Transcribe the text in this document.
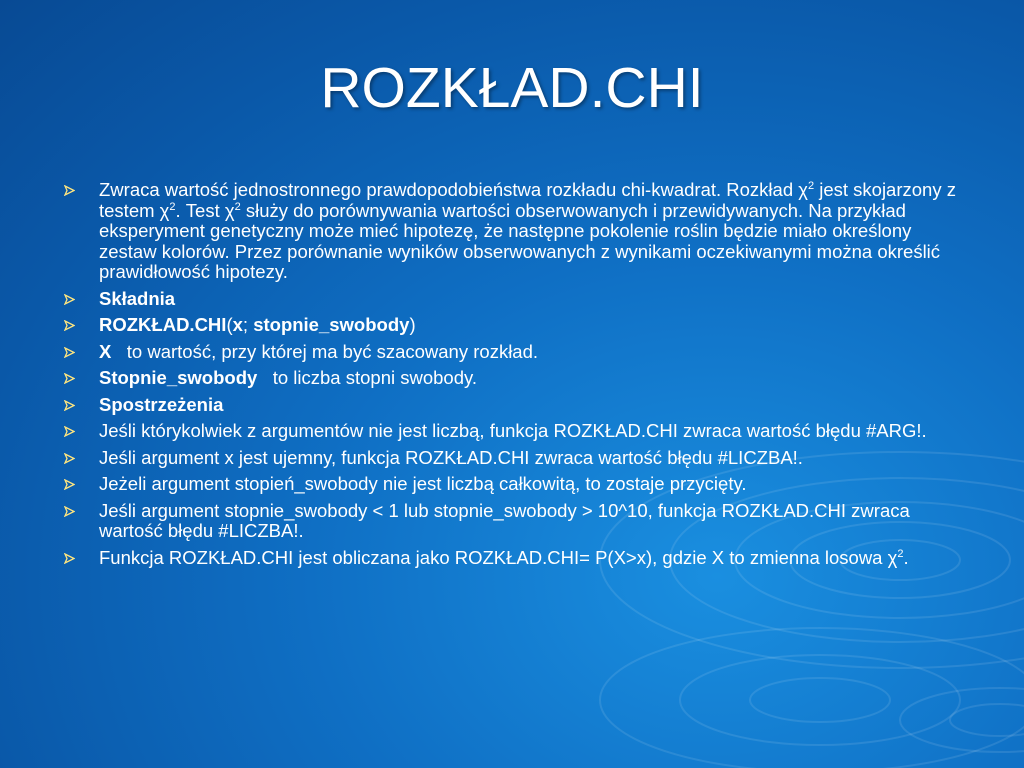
ROZKŁAD.CHI
Zwraca wartość jednostronnego prawdopodobieństwa rozkładu chi-kwadrat. Rozkład $\chi^2$ jest skojarzony z testem $\chi^2$. Test $\chi^2$ służy do porównywania wartości obserwowanych i przewidywanych. Na przykład eksperyment genetyczny może mieć hipotezę, że następne pokolenie roślin będzie miało określony zestaw kolorów. Przez porównanie wyników obserwowanych z wynikami oczekiwanymi można określić prawidłowość hipotezy.
Składnia
ROZKŁAD.CHI(x; stopnie_swobody)
X   to wartość, przy której ma być szacowany rozkład.
Stopnie_swobody   to liczba stopni swobody.
Spostrzeżenia
Jeśli którykolwiek z argumentów nie jest liczbą, funkcja ROZKŁAD.CHI zwraca wartość błędu #ARG!.
Jeśli argument x jest ujemny, funkcja ROZKŁAD.CHI zwraca wartość błędu #LICZBA!.
Jeżeli argument stopień_swobody nie jest liczbą całkowitą, to zostaje przycięty.
Jeśli argument stopnie_swobody < 1 lub stopnie_swobody > 10^10, funkcja ROZKŁAD.CHI zwraca wartość błędu #LICZBA!.
Funkcja ROZKŁAD.CHI jest obliczana jako ROZKŁAD.CHI= P(X>x), gdzie X to zmienna losowa $\chi^2$.
